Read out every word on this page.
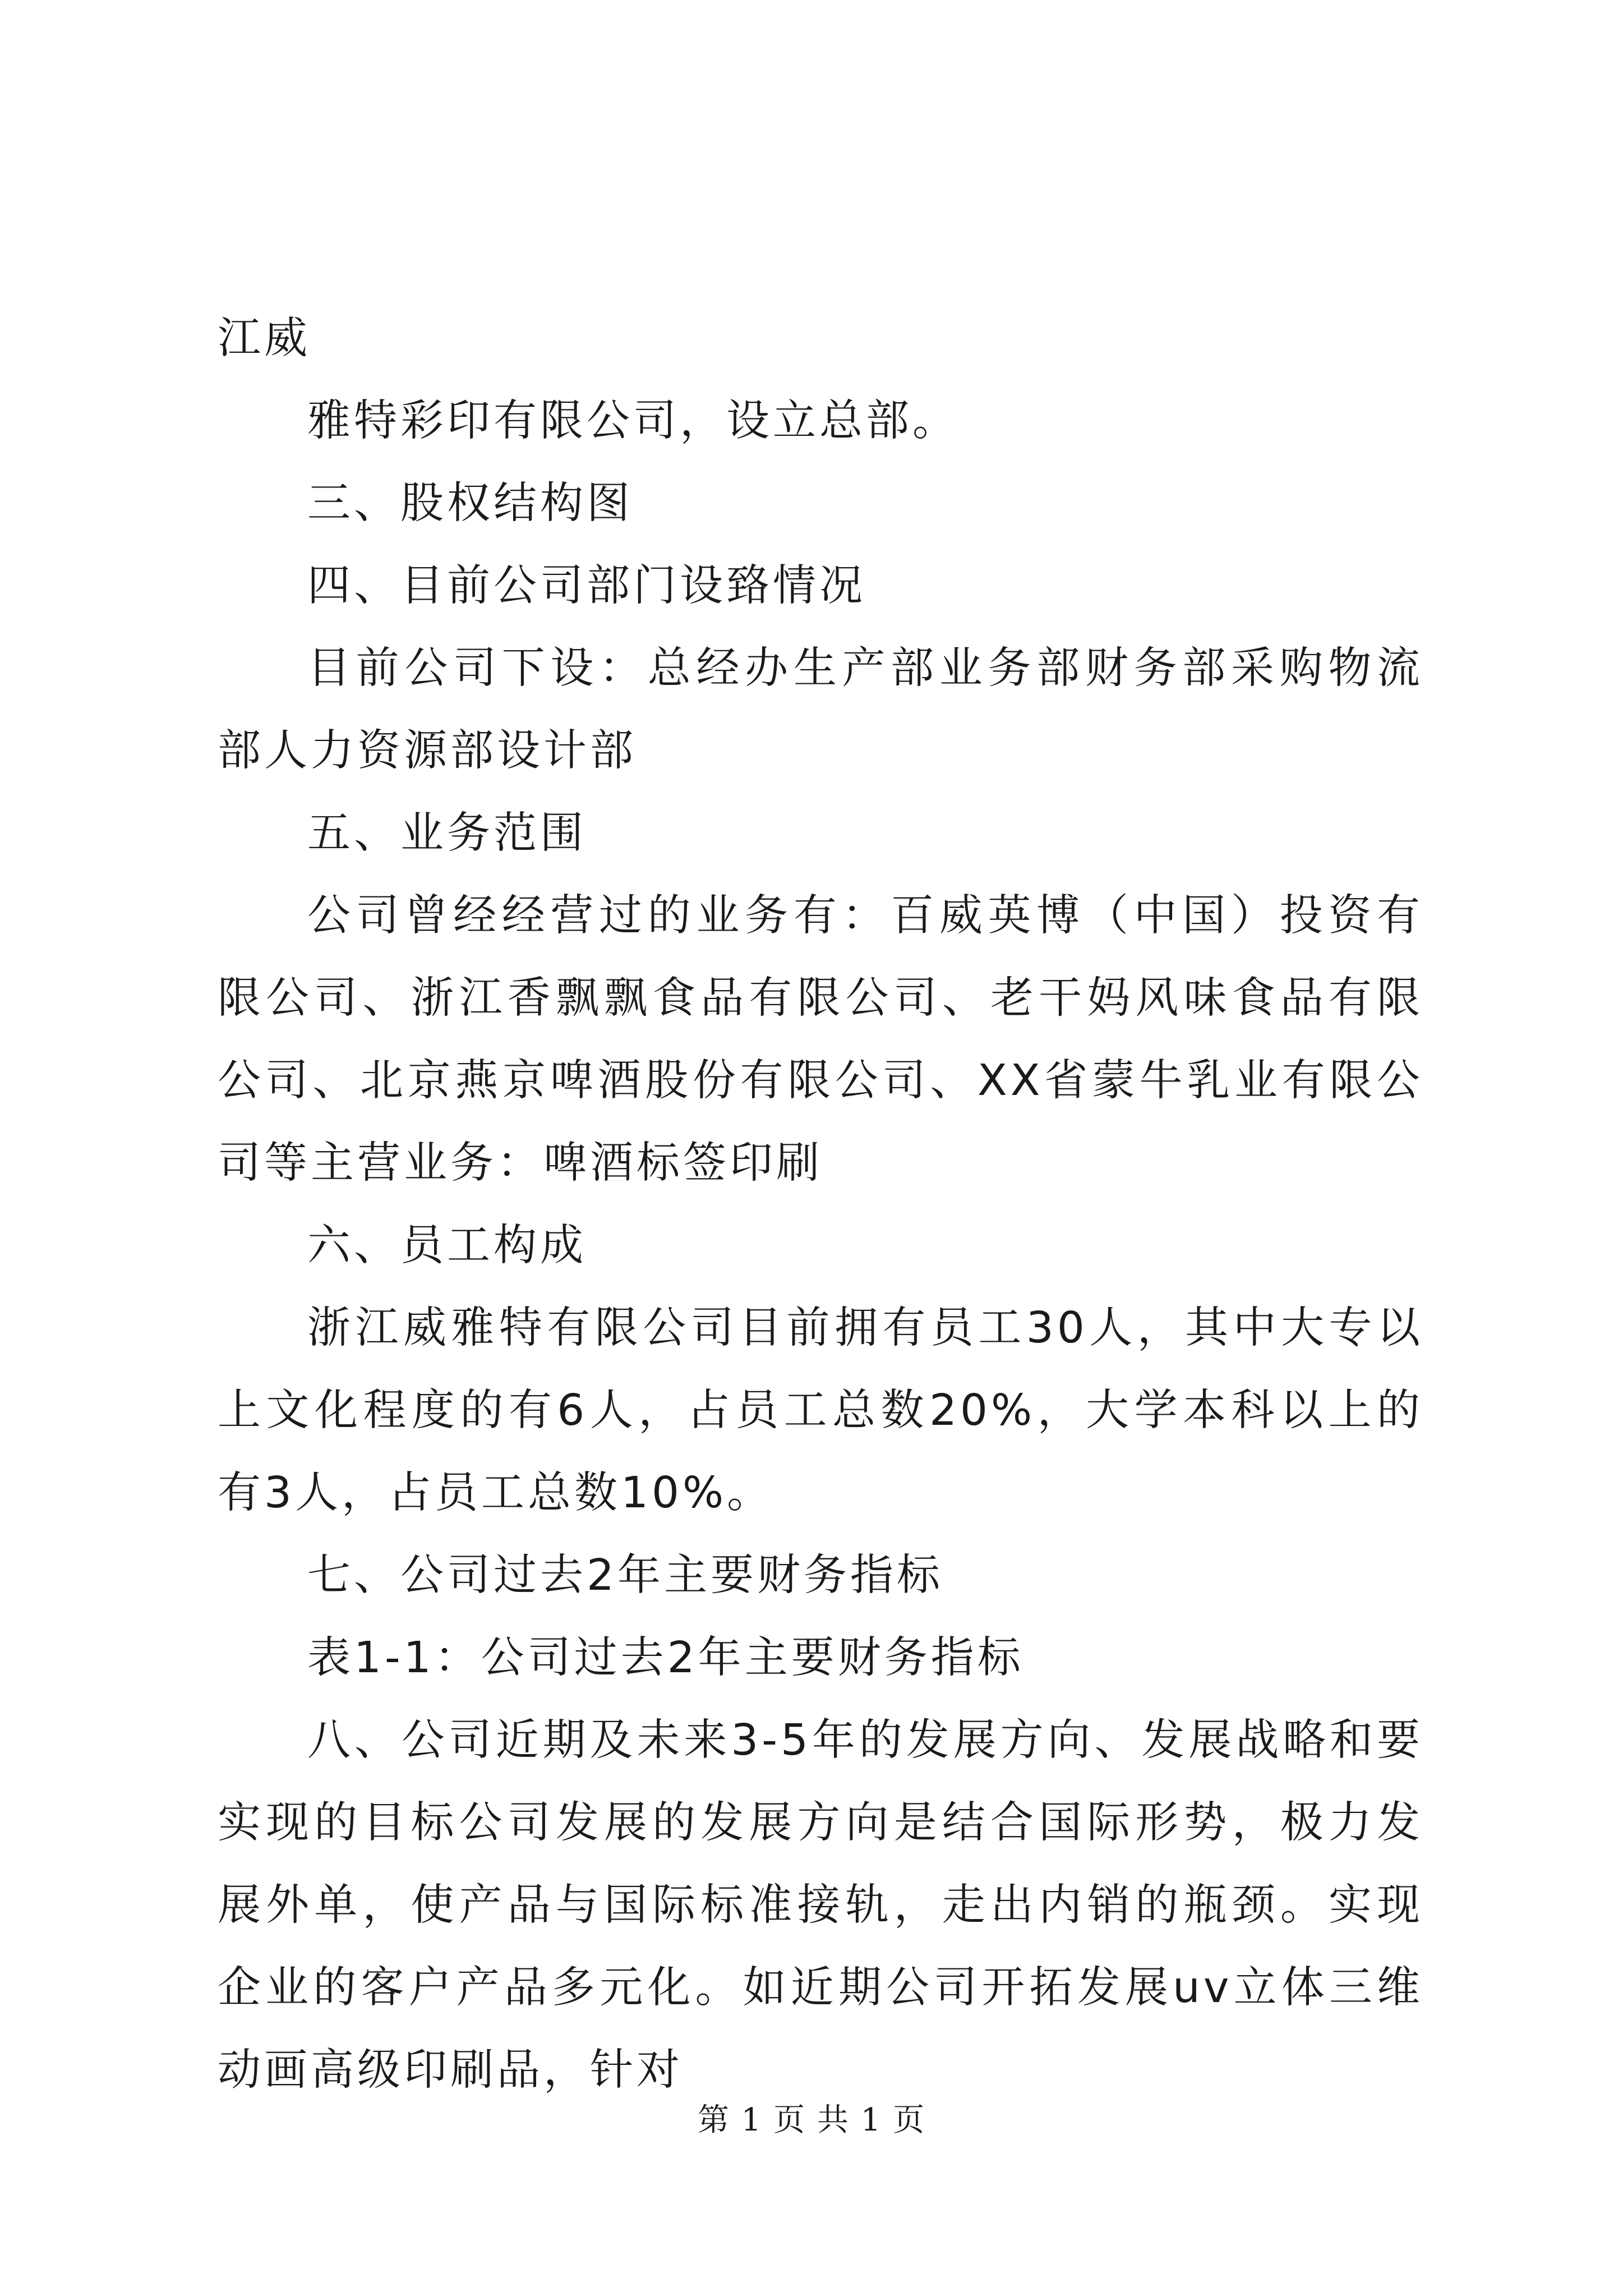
江威

雅特彩印有限公司，设立总部。

三、股权结构图

四、目前公司部门设臵情况

目前公司下设：总经办生产部业务部财务部采购物流部人力资源部设计部

五、业务范围

公司曾经经营过的业务有：百威英博（中国）投资有限公司、浙江香飘飘食品有限公司、老干妈风味食品有限公司、北京燕京啤酒股份有限公司、XX省蒙牛乳业有限公司等主营业务：啤酒标签印刷

六、员工构成

浙江威雅特有限公司目前拥有员工30人，其中大专以上文化程度的有6人，占员工总数20%，大学本科以上的有3人，占员工总数10%。

七、公司过去2年主要财务指标

表1-1：公司过去2年主要财务指标

八、公司近期及未来3-5年的发展方向、发展战略和要实现的目标公司发展的发展方向是结合国际形势，极力发展外单，使产品与国际标准接轨，走出内销的瓶颈。实现企业的客户产品多元化。如近期公司开拓发展uv立体三维动画高级印刷品，针对

第 1 页 共 1 页
